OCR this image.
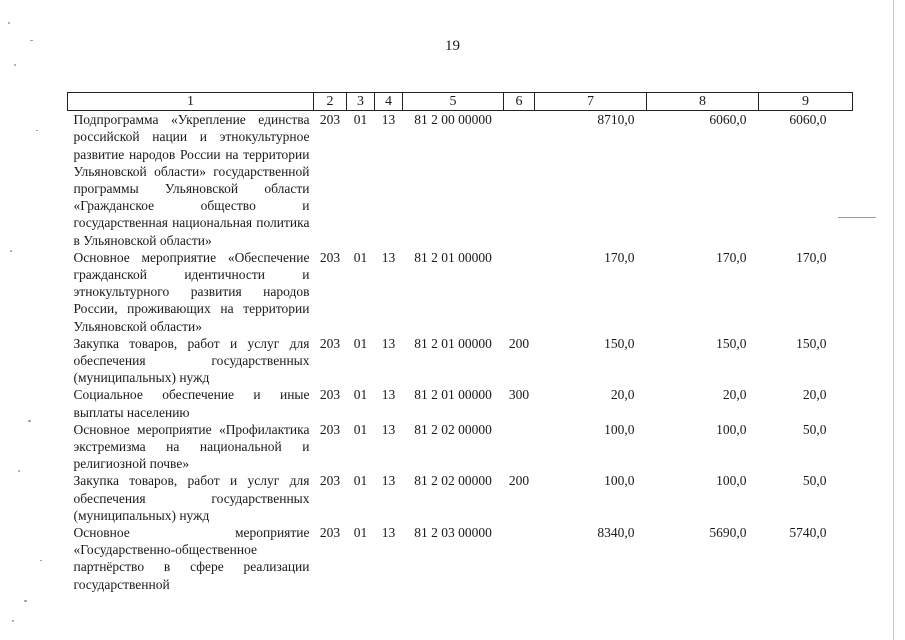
19
1	2	3	4	5	6	7	8	9
Подпрограмма «Укрепление единства российской нации и этнокультурное развитие народов России на территории Ульяновской области» государственной программы Ульяновской области «Гражданское общество и государственная национальная политика в Ульяновской области»	203	01	13	81 2 00 00000		8710,0	6060,0	6060,0
Основное мероприятие «Обеспечение гражданской идентичности и этнокультурного развития народов России, проживающих на территории Ульяновской области»	203	01	13	81 2 01 00000		170,0	170,0	170,0
Закупка товаров, работ и услуг для обеспечения государственных (муниципальных) нужд	203	01	13	81 2 01 00000	200	150,0	150,0	150,0
Социальное обеспечение и иные выплаты населению	203	01	13	81 2 01 00000	300	20,0	20,0	20,0
Основное мероприятие «Профилактика экстремизма на национальной и религиозной почве»	203	01	13	81 2 02 00000		100,0	100,0	50,0
Закупка товаров, работ и услуг для обеспечения государственных (муниципальных) нужд	203	01	13	81 2 02 00000	200	100,0	100,0	50,0
Основное мероприятие «Государственно-общественное партнёрство в сфере реализации государственной	203	01	13	81 2 03 00000		8340,0	5690,0	5740,0
